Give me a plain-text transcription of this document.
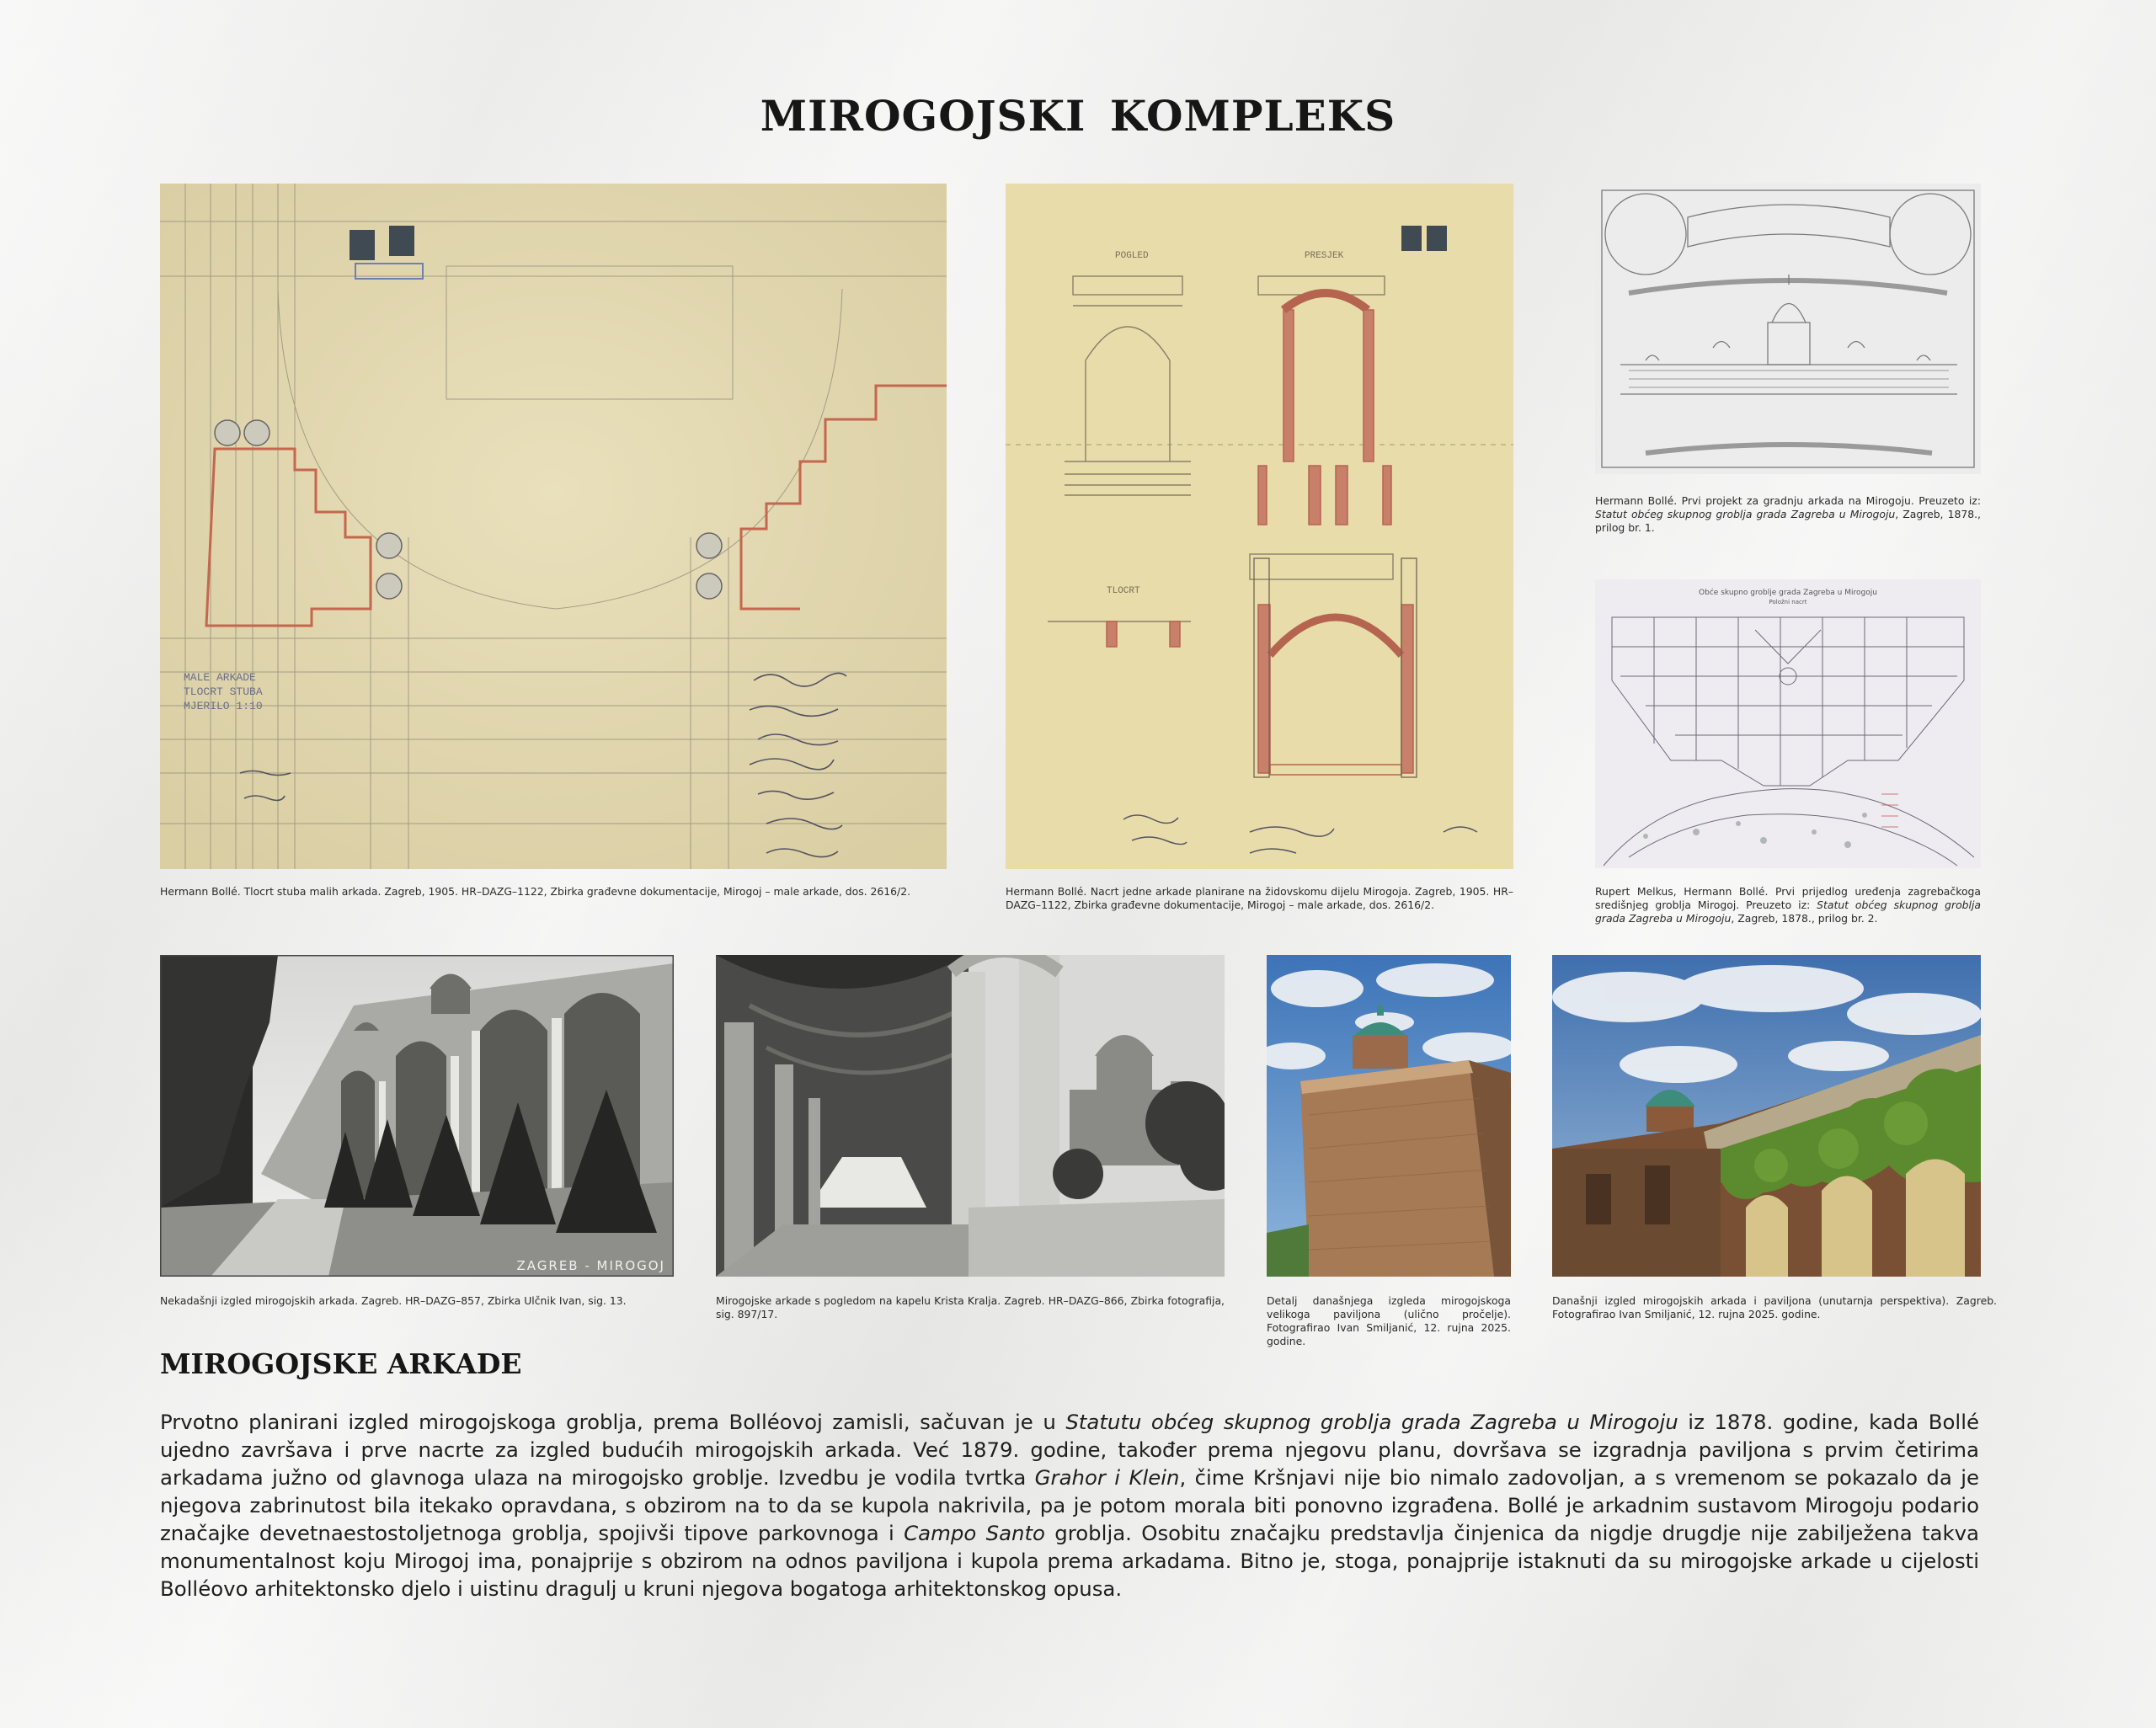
MIROGOJSKI KOMPLEKS
MALE ARKADE
TLOCRT STUBA
MJERILO 1:10
Hermann Bollé. Tlocrt stuba malih arkada. Zagreb, 1905. HR–DAZG–1122, Zbirka građevne dokumentacije, Mirogoj – male arkade, dos. 2616/2.
POGLED	PRESJEK
TLOCRT
Hermann Bollé. Nacrt jedne arkade planirane na židovskomu dijelu Mirogoja. Zagreb, 1905. HR–DAZG–1122, Zbirka građevne dokumentacije, Mirogoj – male arkade, dos. 2616/2.
Hermann Bollé. Prvi projekt za gradnju arkada na Mirogoju. Preuzeto iz: Statut obćeg skupnog groblja grada Zagreba u Mirogoju, Zagreb, 1878., prilog br. 1.
Obće skupno groblje grada Zagreba u Mirogoju
Položni nacrt
Rupert Melkus, Hermann Bollé. Prvi prijedlog uređenja zagrebačkoga središnjeg groblja Mirogoj. Preuzeto iz: Statut obćeg skupnog groblja grada Zagreba u Mirogoju, Zagreb, 1878., prilog br. 2.
ZAGREB - MIROGOJ
Nekadašnji izgled mirogojskih arkada. Zagreb. HR–DAZG–857, Zbirka Ulčnik Ivan, sig. 13.	Mirogojske arkade s pogledom na kapelu Krista Kralja. Zagreb. HR–DAZG–866, Zbirka fotografija, sig. 897/17.
Detalj današnjega izgleda mirogojskoga velikoga paviljona (ulično pročelje). Fotografirao Ivan Smiljanić, 12. rujna 2025. godine.
Današnji izgled mirogojskih arkada i paviljona (unutarnja perspektiva). Zagreb. Fotografirao Ivan Smiljanić, 12. rujna 2025. godine.
MIROGOJSKE ARKADE

Prvotno planirani izgled mirogojskoga groblja, prema Bolléovoj zamisli, sačuvan je u Statutu obćeg skupnog groblja grada Zagreba u Mirogoju iz 1878. godine, kada Bollé ujedno završava i prve nacrte za izgled budućih mirogojskih arkada. Već 1879. godine, također prema njegovu planu, dovršava se izgradnja paviljona s prvim četirima arkadama južno od glavnoga ulaza na mirogojsko groblje. Izvedbu je vodila tvrtka Grahor i Klein, čime Kršnjavi nije bio nimalo zadovoljan, a s vremenom se pokazalo da je njegova zabrinutost bila itekako opravdana, s obzirom na to da se kupola nakrivila, pa je potom morala biti ponovno izgrađena. Bollé je arkadnim sustavom Mirogoju podario značajke devetnaestostoljetnoga groblja, spojivši tipove parkovnoga i Campo Santo groblja. Osobitu značajku predstavlja činjenica da nigdje drugdje nije zabilježena takva monumentalnost koju Mirogoj ima, ponajprije s obzirom na odnos paviljona i kupola prema arkadama. Bitno je, stoga, ponajprije istaknuti da su mirogojske arkade u cijelosti Bolléovo arhitektonsko djelo i uistinu dragulj u kruni njegova bogatoga arhitektonskog opusa.
